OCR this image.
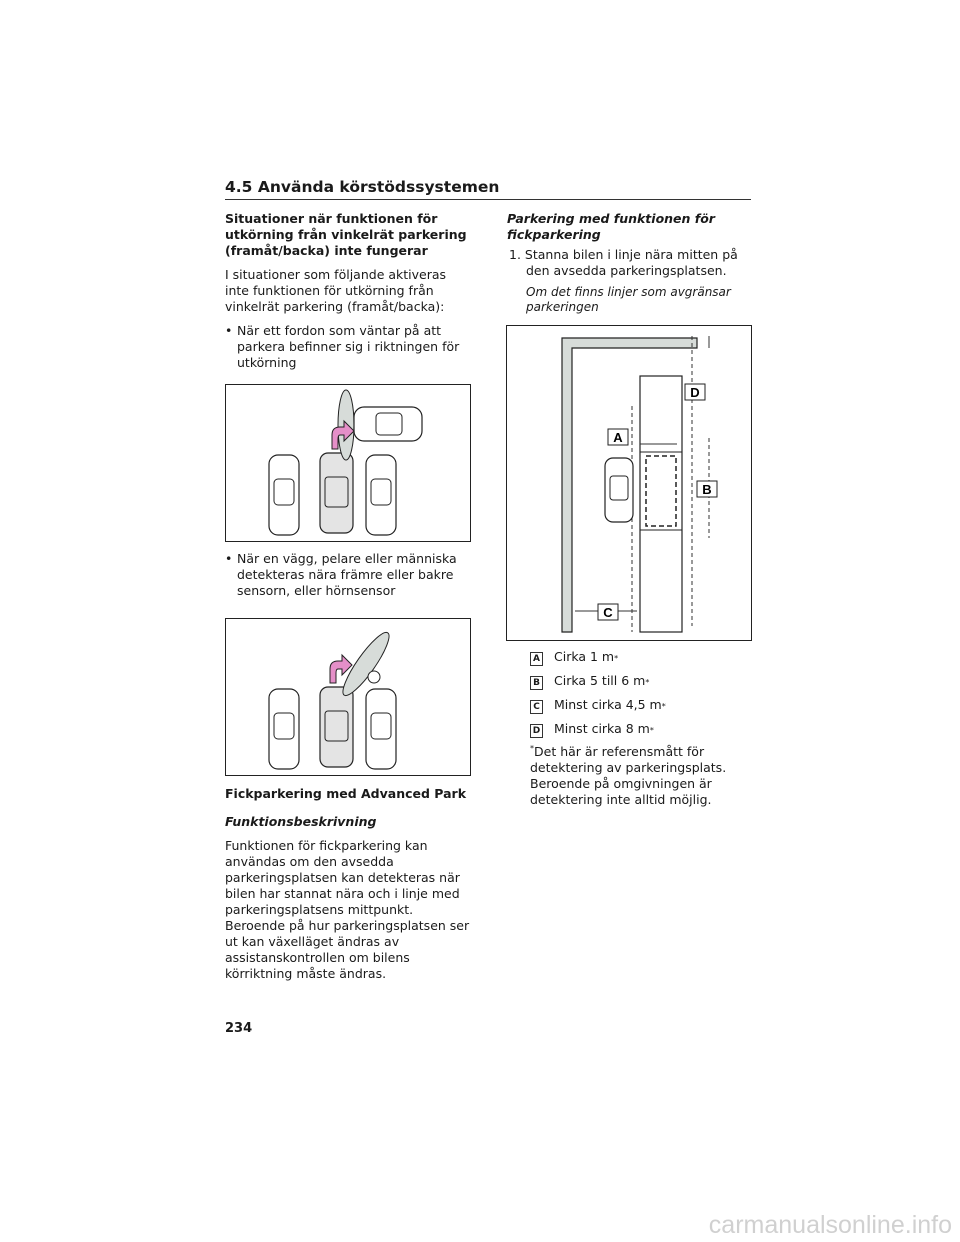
4.5 Använda körstödssystemen

Situationer när funktionen för utkörning från vinkelrät parkering (framåt/backa) inte fungerar

I situationer som följande aktiveras inte funktionen för utkörning från vinkelrät parkering (framåt/backa):

• När ett fordon som väntar på att parkera befinner sig i riktningen för utkörning

• När en vägg, pelare eller människa detekteras nära främre eller bakre sensorn, eller hörnsensor

Fickparkering med Advanced Park

Funktionsbeskrivning

Funktionen för fickparkering kan användas om den avsedda parkeringsplatsen kan detekteras när bilen har stannat nära och i linje med parkeringsplatsens mittpunkt. Beroende på hur parkeringsplatsen ser ut kan växelläget ändras av assistanskontrollen om bilens körriktning måste ändras.

Parkering med funktionen för fickparkering

1. Stanna bilen i linje nära mitten på den avsedda parkeringsplatsen.

Om det finns linjer som avgränsar parkeringen

D
A
B
C
A Cirka 1 m *
B Cirka 5 till 6 m *
C Minst cirka 4,5 m *
D Minst cirka 8 m *

*Det här är referensmått för detektering av parkeringsplats. Beroende på omgivningen är detektering inte alltid möjlig.

234
carmanualsonline.info
